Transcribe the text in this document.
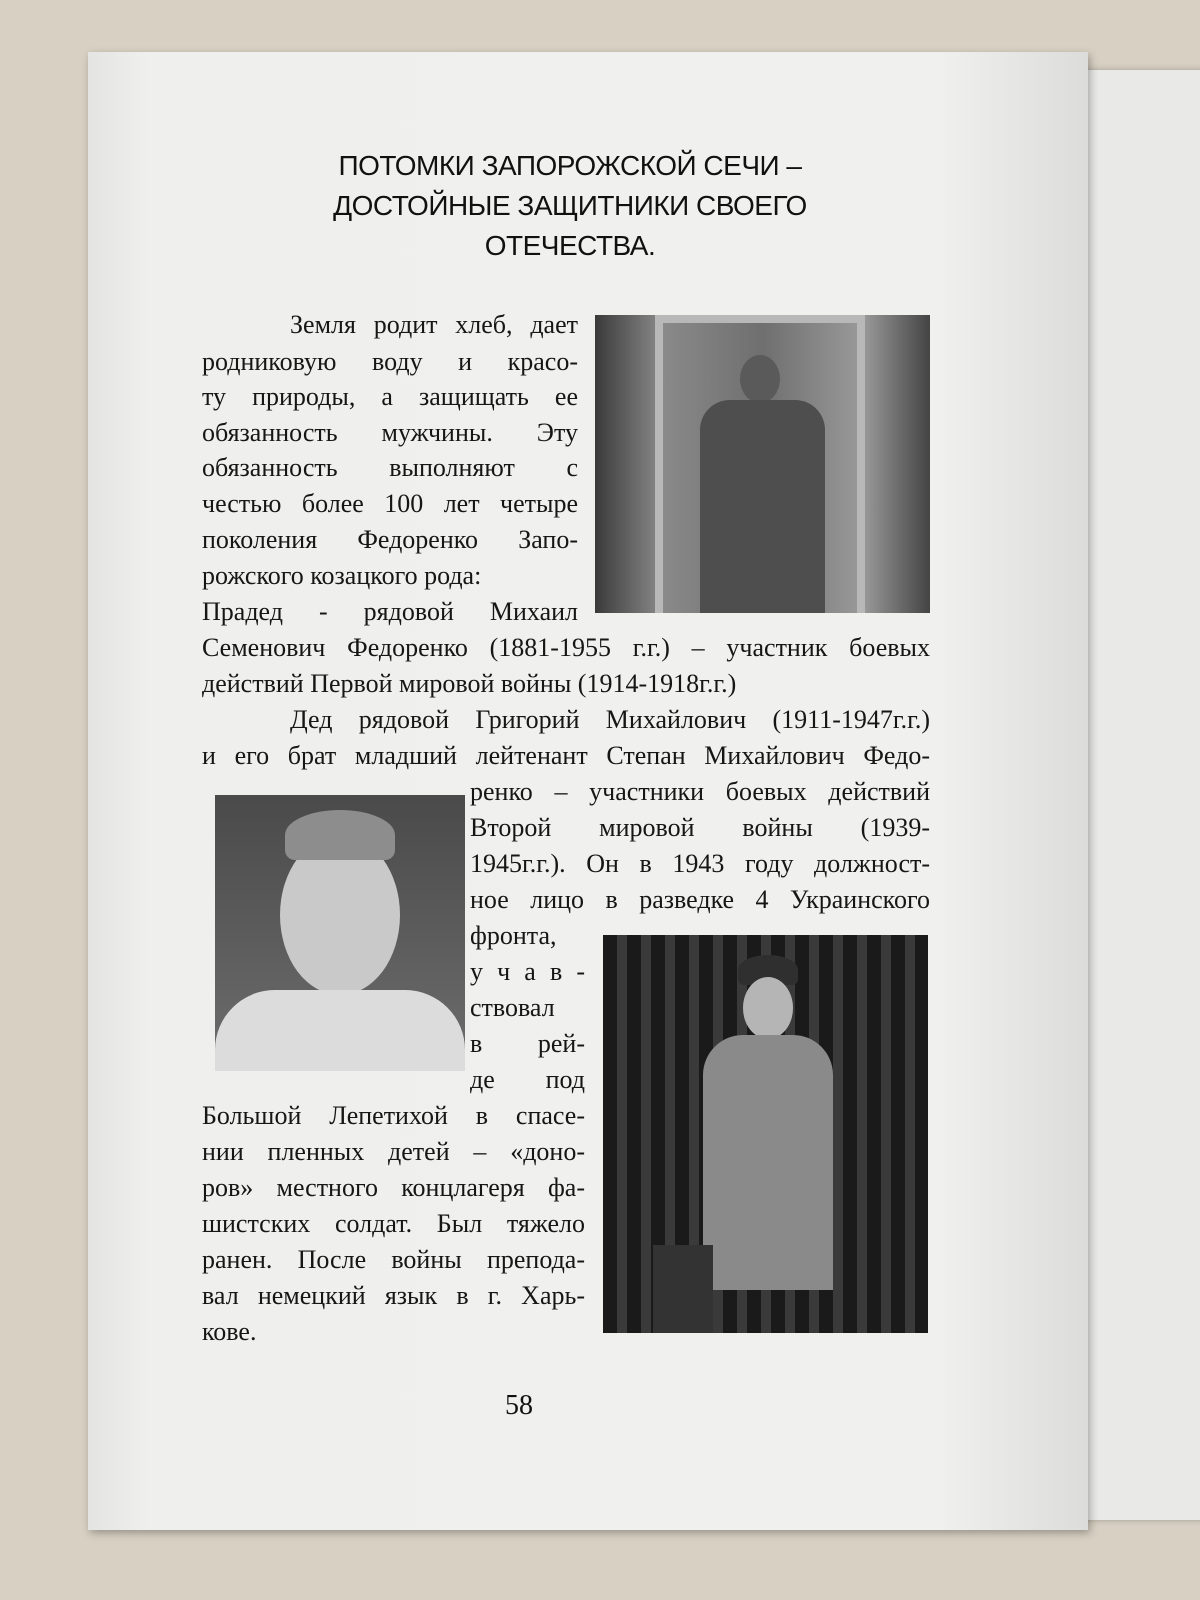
ПОТОМКИ ЗАПОРОЖСКОЙ СЕЧИ –
ДОСТОЙНЫЕ ЗАЩИТНИКИ СВОЕГО
ОТЕЧЕСТВА.
Земля родит хлеб, дает
родниковую воду и красо-
ту природы, а защищать ее
обязанность мужчины. Эту
обязанность выполняют с
честью более 100 лет четыре
поколения Федоренко Запо-
рожского козацкого рода:
Прадед - рядовой Михаил
Семенович Федоренко (1881-1955 г.г.) – участник боевых
действий Первой мировой войны (1914-1918г.г.)
Дед рядовой Григорий Михайлович (1911-1947г.г.)
и его брат младший лейтенант Степан Михайлович Федо-
ренко – участники боевых действий
Второй мировой войны (1939-
1945г.г.). Он в 1943 году должност-
ное лицо в разведке 4 Украинского
фронта,
у ч а в -
ствовал
в рей-
де под
Большой Лепетихой в спасе-
нии пленных детей – «доно-
ров» местного концлагеря фа-
шистских солдат. Был тяжело
ранен. После войны препода-
вал немецкий язык в г. Харь-
кове.
58
